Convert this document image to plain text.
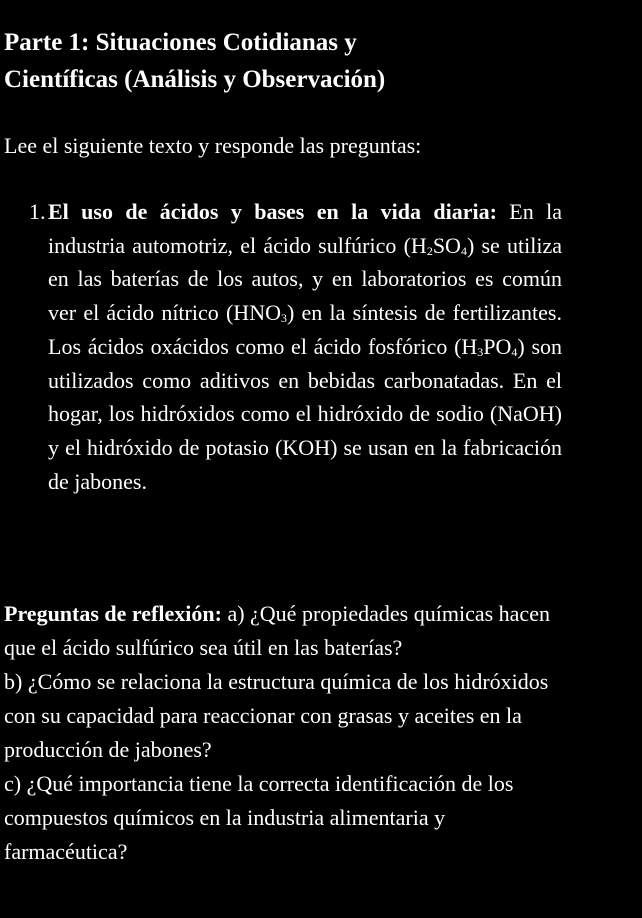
Parte 1: Situaciones Cotidianas y
Científicas (Análisis y Observación)

Lee el siguiente texto y responde las preguntas:

1. El uso de ácidos y bases en la vida diaria: En la industria automotriz, el ácido sulfúrico $(H_2SO_4)$ se utiliza en las baterías de los autos, y en laboratorios es común ver el ácido nítrico $(HNO_3)$ en la síntesis de fertilizantes. Los ácidos oxácidos como el ácido fosfórico $(H_3PO_4)$ son utilizados como aditivos en bebidas carbonatadas. En el hogar, los hidróxidos como el hidróxido de sodio (NaOH) y el hidróxido de potasio (KOH) se usan en la fabricación de jabones.

Preguntas de reflexión: a) ¿Qué propiedades químicas hacen que el ácido sulfúrico sea útil en las baterías?
b) ¿Cómo se relaciona la estructura química de los hidróxidos con su capacidad para reaccionar con grasas y aceites en la producción de jabones?
c) ¿Qué importancia tiene la correcta identificación de los compuestos químicos en la industria alimentaria y farmacéutica?
